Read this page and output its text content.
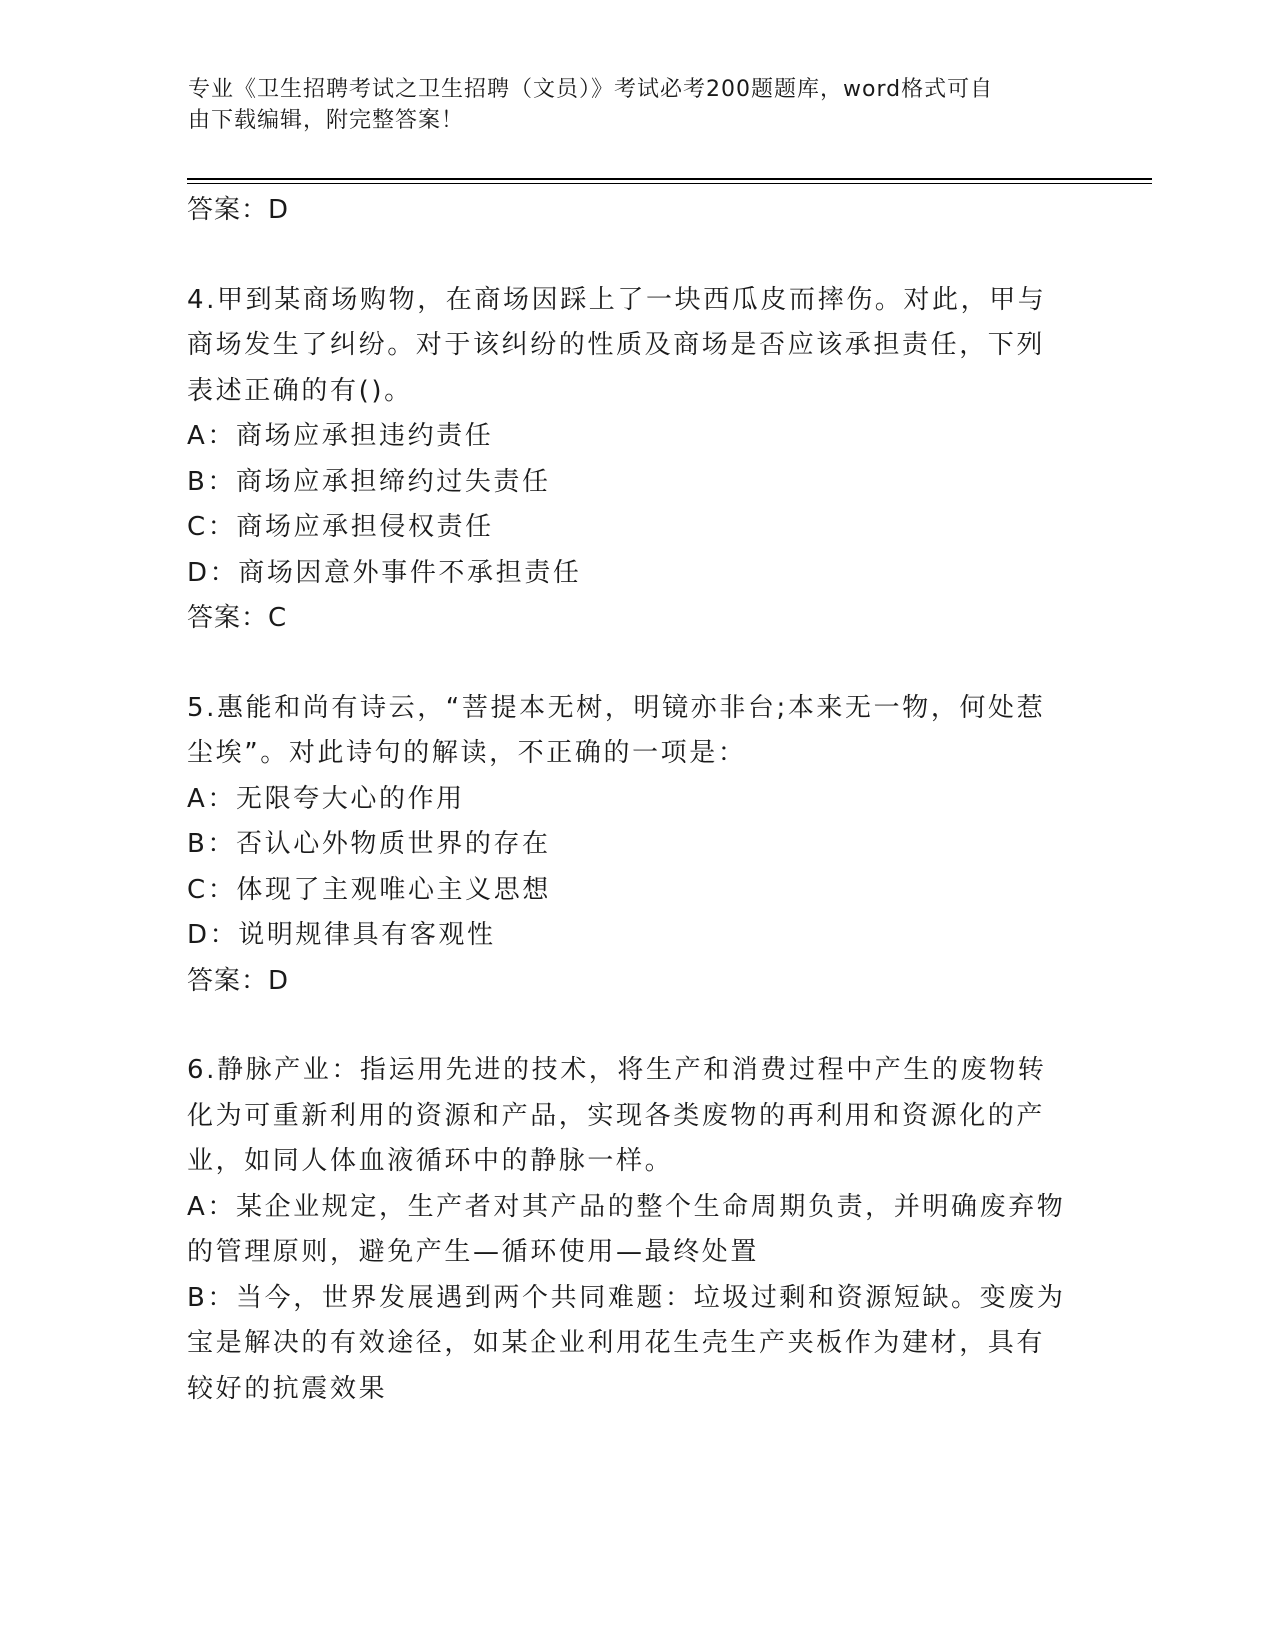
专业《卫生招聘考试之卫生招聘（文员）》考试必考200题题库，word格式可自
由下载编辑，附完整答案！
答案：D
4.甲到某商场购物，在商场因踩上了一块西瓜皮而摔伤。对此，甲与
商场发生了纠纷。对于该纠纷的性质及商场是否应该承担责任，下列
表述正确的有()。
A：商场应承担违约责任
B：商场应承担缔约过失责任
C：商场应承担侵权责任
D：商场因意外事件不承担责任
答案：C
5.惠能和尚有诗云，“菩提本无树，明镜亦非台;本来无一物，何处惹
尘埃”。对此诗句的解读，不正确的一项是：
A：无限夸大心的作用
B：否认心外物质世界的存在
C：体现了主观唯心主义思想
D：说明规律具有客观性
答案：D
6.静脉产业：指运用先进的技术，将生产和消费过程中产生的废物转
化为可重新利用的资源和产品，实现各类废物的再利用和资源化的产
业，如同人体血液循环中的静脉一样。
A：某企业规定，生产者对其产品的整个生命周期负责，并明确废弃物
的管理原则，避免产生—循环使用—最终处置
B：当今，世界发展遇到两个共同难题：垃圾过剩和资源短缺。变废为
宝是解决的有效途径，如某企业利用花生壳生产夹板作为建材，具有
较好的抗震效果
